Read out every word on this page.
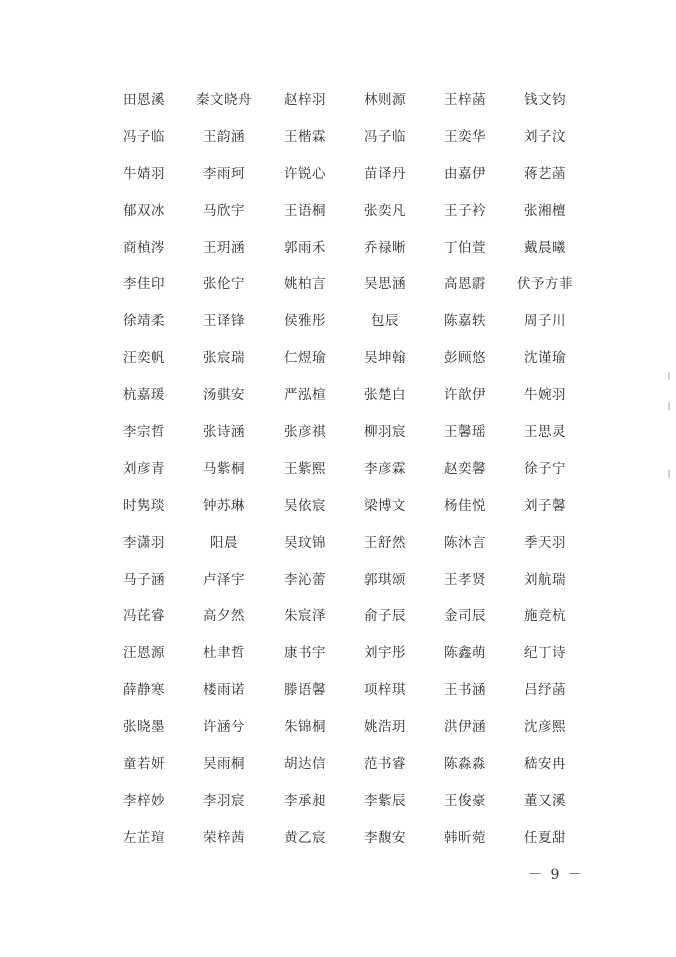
田恩溪	秦文晓舟	赵梓羽	林则源	王梓菡	钱文钧
冯子临	王韵涵	王楷霖	冯子临	王奕华	刘子汶
牛婧羽	李雨珂	许锐心	苗译丹	由嘉伊	蒋艺菡
郁双冰	马欣宇	王语桐	张奕凡	王子衿	张湘檀
商楨涔	王玥涵	郭雨禾	乔禄晰	丁伯萱	戴晨曦
李佳印	张伦宁	姚柏言	吴思涵	高恩霨	伏予方菲
徐靖柔	王译锋	侯雅彤	包辰	陈嘉轶	周子川
汪奕帆	张宸瑞	仁煜瑜	吴坤翰	彭顾悠	沈谨瑜
杭嘉瑗	汤骐安	严泓楦	张楚白	许歆伊	牛婉羽
李宗哲	张诗涵	张彦祺	柳羽宸	王馨瑶	王思灵
刘彦青	马紫桐	王紫熙	李彦霖	赵奕馨	徐子宁
时隽琰	钟苏琳	吴依宸	梁博文	杨佳悦	刘子馨
李潇羽	阳晨	吴玟锦	王舒然	陈沐言	季天羽
马子涵	卢泽宇	李沁蕾	郭琪颂	王孝贤	刘航瑞
冯芘睿	高夕然	朱宸泽	俞子辰	金司辰	施竞杭
汪恩源	杜聿哲	康书宇	刘宇彤	陈鑫萌	纪丁诗
薛静寒	楼雨诺	滕语馨	项梓琪	王书涵	吕纾菡
张晓墨	许涵兮	朱锦桐	姚浩玥	洪伊涵	沈彦熙
童若妍	吴雨桐	胡达信	范书睿	陈淼淼	嵇安冉
李梓妙	李羽宸	李承昶	李紫辰	王俊豪	董又溪
左芷瑄	荣梓茜	黄乙宸	李馥安	韩昕菀	任夏甜
－ 9 －
